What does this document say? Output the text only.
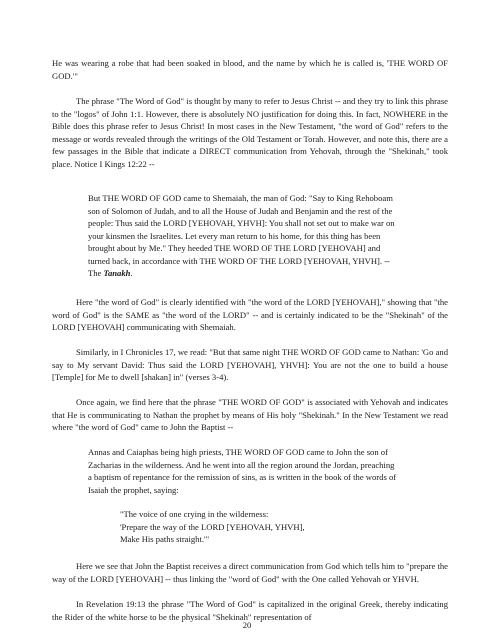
He was wearing a robe that had been soaked in blood, and the name by which he is called is, 'THE WORD OF GOD.'"

The phrase "The Word of God" is thought by many to refer to Jesus Christ -- and they try to link this phrase to the "logos" of John 1:1. However, there is absolutely NO justification for doing this. In fact, NOWHERE in the Bible does this phrase refer to Jesus Christ! In most cases in the New Testament, "the word of God" refers to the message or words revealed through the writings of the Old Testament or Torah. However, and note this, there are a few passages in the Bible that indicate a DIRECT communication from Yehovah, through the "Shekinah," took place. Notice I Kings 12:22 --

But THE WORD OF GOD came to Shemaiah, the man of God: "Say to King Rehoboam
son of Solomon of Judah, and to all the House of Judah and Benjamin and the rest of the
people: Thus said the LORD [YEHOVAH, YHVH]: You shall not set out to make war on
your kinsmen the Israelites. Let every man return to his home, for this thing has been
brought about by Me." They heeded THE WORD OF THE LORD [YEHOVAH] and
turned back, in accordance with THE WORD OF THE LORD [YEHOVAH, YHVH]. --
The Tanakh.

Here "the word of God" is clearly identified with "the word of the LORD [YEHOVAH]," showing that "the word of God" is the SAME as "the word of the LORD" -- and is certainly indicated to be the "Shekinah" of the LORD [YEHOVAH] communicating with Shemaiah.

Similarly, in I Chronicles 17, we read: "But that same night THE WORD OF GOD came to Nathan: 'Go and say to My servant David: Thus said the LORD [YEHOVAH], YHVH]: You are not the one to build a house [Temple] for Me to dwell [shakan] in" (verses 3-4).

Once again, we find here that the phrase "THE WORD OF GOD" is associated with Yehovah and indicates that He is communicating to Nathan the prophet by means of His holy "Shekinah." In the New Testament we read where "the word of God" came to John the Baptist --

Annas and Caiaphas being high priests, THE WORD OF GOD came to John the son of
Zacharias in the wilderness. And he went into all the region around the Jordan, preaching
a baptism of repentance for the remission of sins, as is written in the book of the words of
Isaiah the prophet, saying:
"The voice of one crying in the wilderness:
'Prepare the way of the LORD [YEHOVAH, YHVH],
Make His paths straight.'"

Here we see that John the Baptist receives a direct communication from God which tells him to "prepare the way of the LORD [YEHOVAH] -- thus linking the "word of God" with the One called Yehovah or YHVH.

In Revelation 19:13 the phrase "The Word of God" is capitalized in the original Greek, thereby indicating the Rider of the white horse to be the physical "Shekinah" representation of

20
